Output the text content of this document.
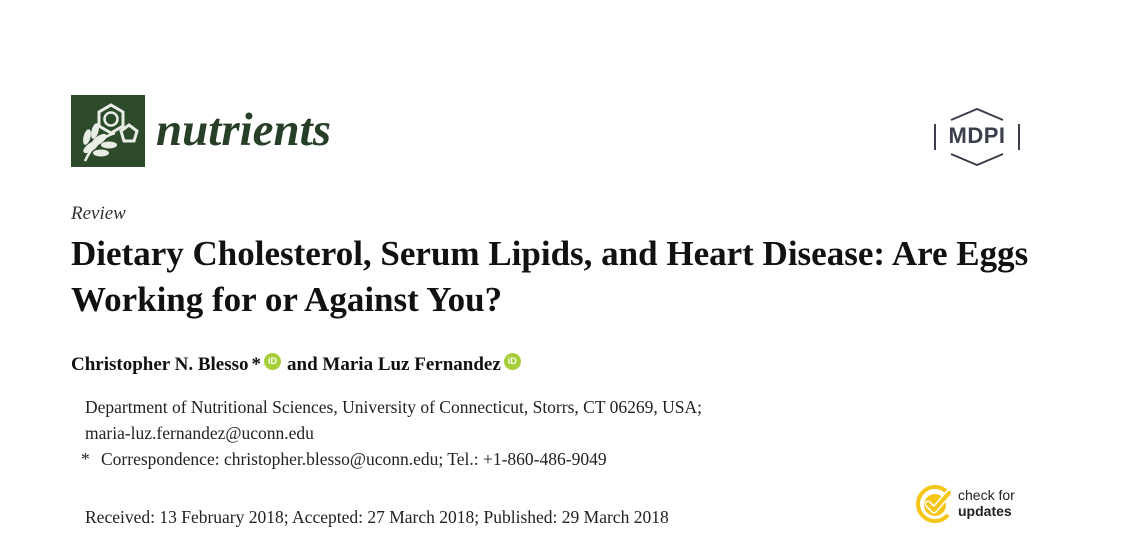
nutrients	MDPI
Review
Dietary Cholesterol, Serum Lipids, and Heart Disease: Are Eggs Working for or Against You?
Christopher N. Blesso * iD and Maria Luz Fernandez iD
Department of Nutritional Sciences, University of Connecticut, Storrs, CT 06269, USA;
maria-luz.fernandez@uconn.edu
* Correspondence: christopher.blesso@uconn.edu; Tel.: +1-860-486-9049
Received: 13 February 2018; Accepted: 27 March 2018; Published: 29 March 2018
check for
updates
